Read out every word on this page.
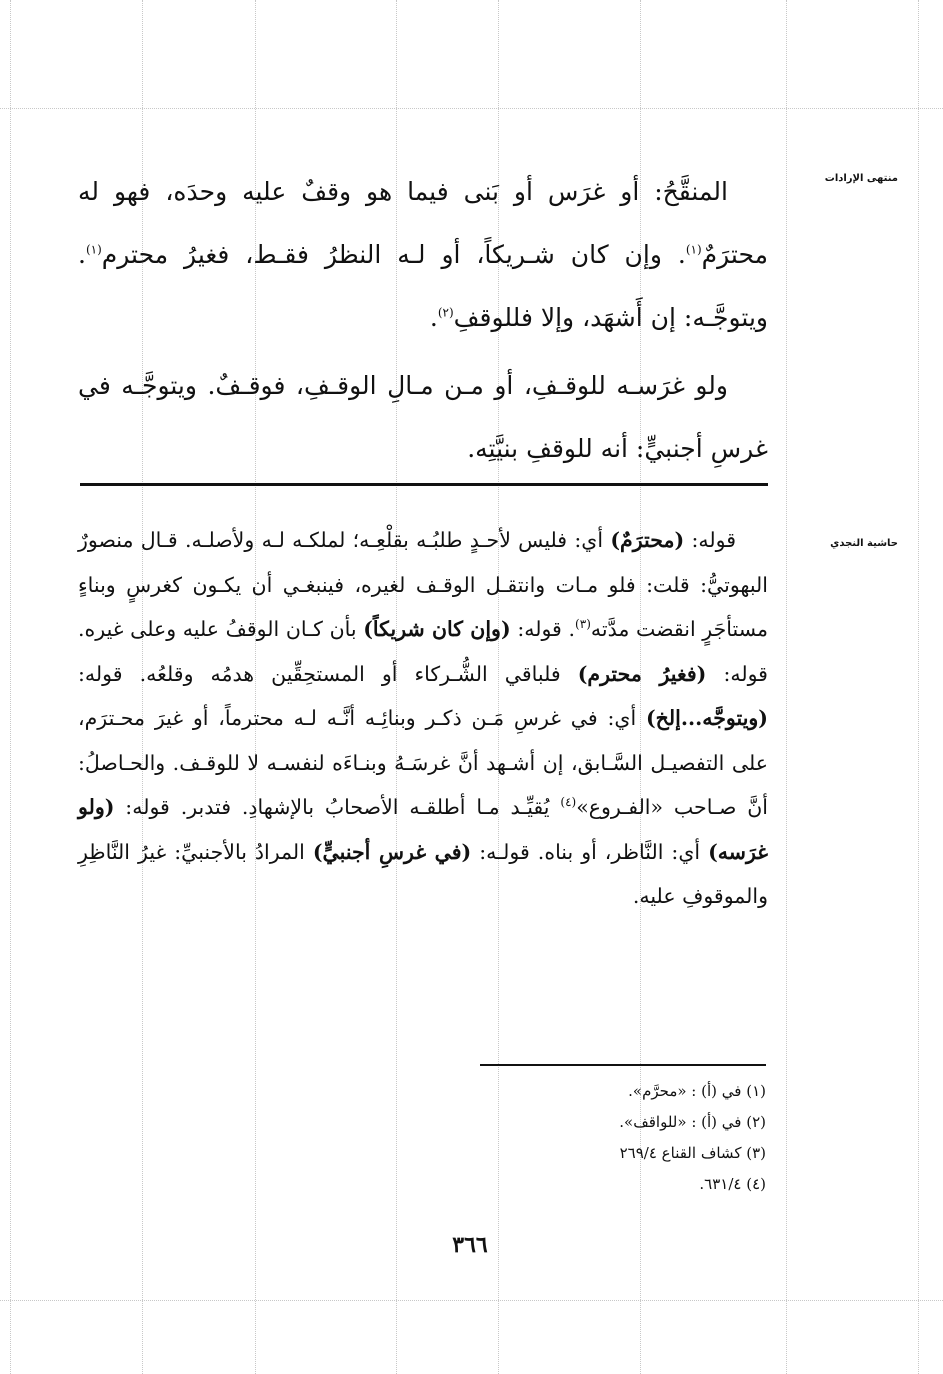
منتهى الإرادات
حاشية النجدي

المنقَّحُ: أو غرَس أو بَنى فيما هو وقفٌ عليه وحدَه، فهو له محترَمٌ$^{(١)}$. وإن كان شـريكاً، أو لـه النظرُ فقـط، فغيرُ محترم$^{(١)}$. ويتوجَّـه: إن أَشهَد، وإلا فللوقفِ$^{(٢)}$.

ولو غرَسـه للوقـفِ، أو مـن مـالِ الوقـفِ، فوقـفٌ. ويتوجَّـه في غرسِ أجنبيٍّ: أنه للوقفِ بنيَّتِه.

قوله: (محترَمٌ) أي: فليس لأحـدٍ طلبُـه بقلْعِـه؛ لملكـه لـه ولأصلـه. قـال منصورٌ البهوتيُّ: قلت: فلو مـات وانتقـل الوقـف لغيره، فينبغـي أن يكـون كغرسٍ وبناءٍ مستأجَرٍ انقضت مدَّته$^{(٣)}$. قوله: (وإن كان شريكاً) بأن كـان الوقفُ عليه وعلى غيره. قوله: (فغيرُ محترم) فلباقي الشُّـركاء أو المستحِقِّين هدمُه وقلعُه. قوله: (ويتوجَّه...إلخ) أي: في غرسِ مَـن ذكـر وبنائِـه أنَّـه لـه محترماً، أو غيرَ محـترَم، على التفصيـل السَّـابق، إن أشـهد أنَّ غرسَـهُ وبنـاءَه لنفسـه لا للوقـف. والحـاصلُ: أنَّ صـاحب «الفـروع»$^{(٤)}$ يُقيِّـد مـا أطلقـه الأصحابُ بالإشهادِ. فتدبر. قوله: (ولو غرَسه) أي: النَّاظر، أو بناه. قولـه: (في غرسِ أجنبيٍّ) المرادُ بالأجنبيِّ: غيرُ النَّاظِرِ والموقوفِ عليه.

(١) في (أ) : «محرَّم».
(٢) في (أ) : «للواقف».
(٣) كشاف القناع ٢٦٩/٤
(٤) ٦٣١/٤.
٣٦٦
